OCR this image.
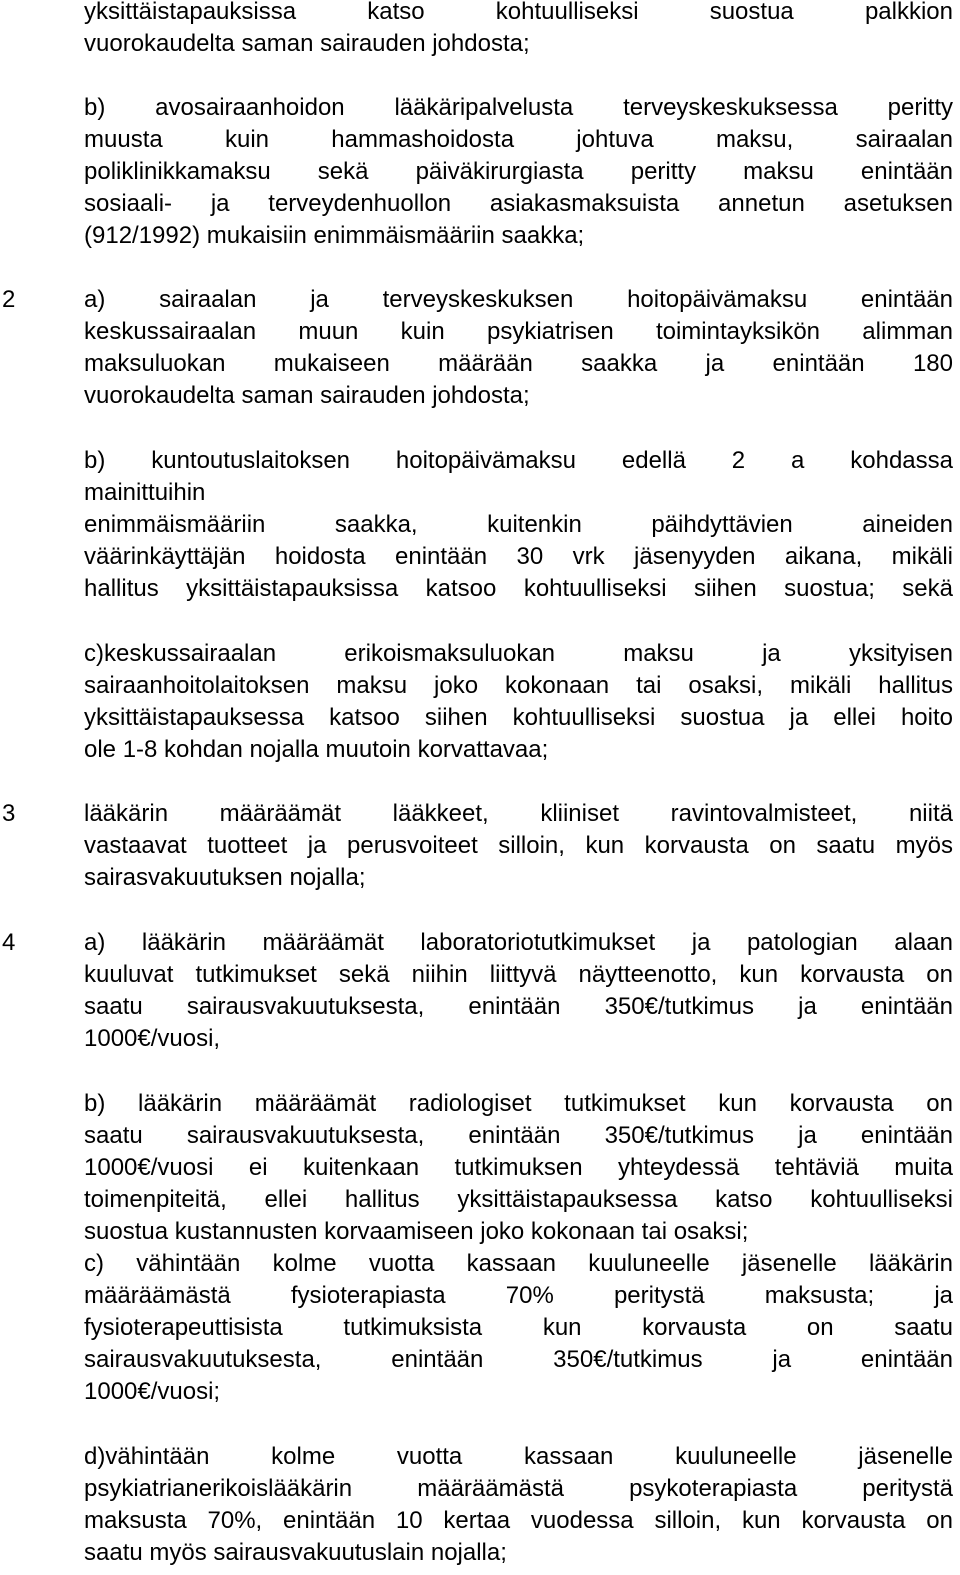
yksittäistapauksissa katso kohtuulliseksi suostua palkkion
vuorokaudelta saman sairauden johdosta;
b) avosairaanhoidon lääkäripalvelusta terveyskeskuksessa peritty
muusta kuin hammashoidosta johtuva maksu, sairaalan
poliklinikkamaksu sekä päiväkirurgiasta peritty maksu enintään
sosiaali- ja terveydenhuollon asiakasmaksuista annetun asetuksen
(912/1992) mukaisiin enimmäismääriin saakka;
2	a) sairaalan ja terveyskeskuksen hoitopäivämaksu enintään
keskussairaalan muun kuin psykiatrisen toimintayksikön alimman
maksuluokan mukaiseen määrään saakka ja enintään 180
vuorokaudelta saman sairauden johdosta;
b) kuntoutuslaitoksen hoitopäivämaksu edellä 2 a kohdassa
mainittuihin
enimmäismääriin saakka, kuitenkin päihdyttävien aineiden
väärinkäyttäjän hoidosta enintään 30 vrk jäsenyyden aikana, mikäli
hallitus yksittäistapauksissa katsoo kohtuulliseksi siihen suostua; sekä
c)keskussairaalan erikoismaksuluokan maksu ja yksityisen
sairaanhoitolaitoksen maksu joko kokonaan tai osaksi, mikäli hallitus
yksittäistapauksessa katsoo siihen kohtuulliseksi suostua ja ellei hoito
ole 1-8 kohdan nojalla muutoin korvattavaa;
3	lääkärin määräämät lääkkeet, kliiniset ravintovalmisteet, niitä
vastaavat tuotteet ja perusvoiteet silloin, kun korvausta on saatu myös
sairasvakuutuksen nojalla;
4	a) lääkärin määräämät laboratoriotutkimukset ja patologian alaan
kuuluvat tutkimukset sekä niihin liittyvä näytteenotto, kun korvausta on
saatu sairausvakuutuksesta, enintään 350€/tutkimus ja enintään
1000€/vuosi,
b) lääkärin määräämät radiologiset tutkimukset kun korvausta on
saatu sairausvakuutuksesta, enintään 350€/tutkimus ja enintään
1000€/vuosi ei kuitenkaan tutkimuksen yhteydessä tehtäviä muita
toimenpiteitä, ellei hallitus yksittäistapauksessa katso kohtuulliseksi
suostua kustannusten korvaamiseen joko kokonaan tai osaksi;
c) vähintään kolme vuotta kassaan kuuluneelle jäsenelle lääkärin
määräämästä fysioterapiasta 70% peritystä maksusta; ja
fysioterapeuttisista tutkimuksista kun korvausta on saatu
sairausvakuutuksesta, enintään 350€/tutkimus ja enintään
1000€/vuosi;
d)vähintään kolme vuotta kassaan kuuluneelle jäsenelle
psykiatrianerikoislääkärin määräämästä psykoterapiasta peritystä
maksusta 70%, enintään 10 kertaa vuodessa silloin, kun korvausta on
saatu myös sairausvakuutuslain nojalla;
